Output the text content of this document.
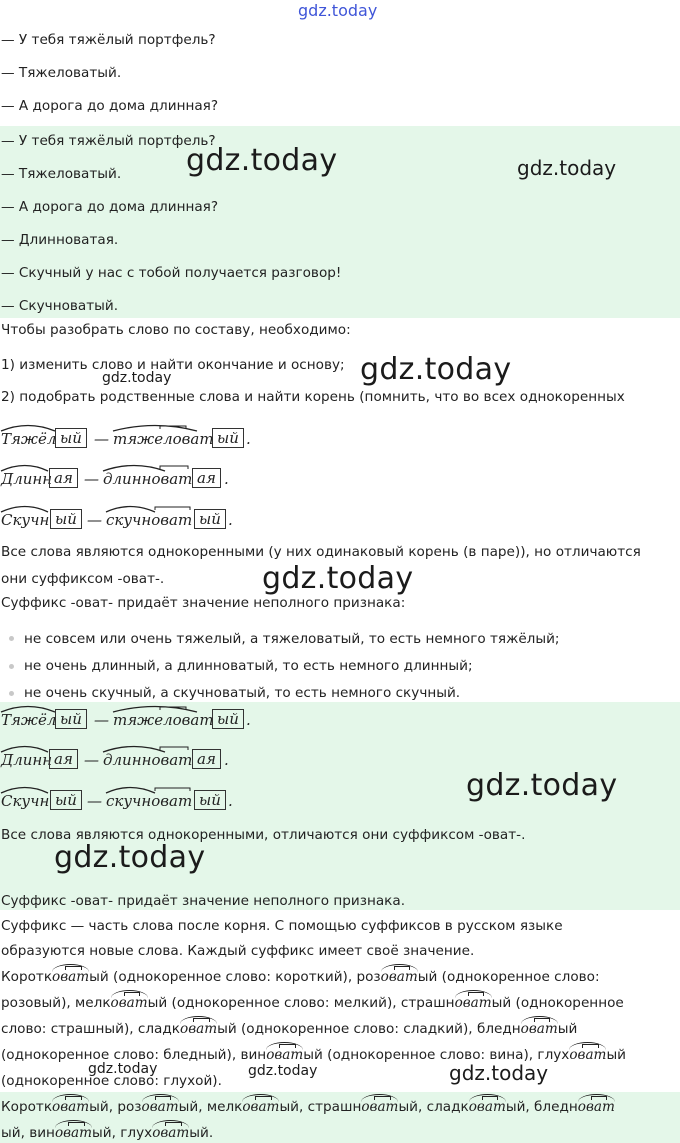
gdz.today
— У тебя тяжёлый портфель?
— Тяжеловатый.
— А дорога до дома длинная?
— У тебя тяжёлый портфель?
— Тяжеловатый.
— А дорога до дома длинная?
— Длинноватая.
— Скучный у нас с тобой получается разговор!
— Скучноватый.
gdz.today	gdz.today
Чтобы разобрать слово по составу, необходимо:
1) изменить слово и найти окончание и основу;
2) подобрать родственные слова и найти корень (помнить, что во всех однокоренных
gdz.today
gdz.today
Тяжёл ый — тяжеловат ый .
Длинн ая — длинноват ая .
Скучн ый — скучноват ый .
Все слова являются однокоренными (у них одинаковый корень (в паре)), но отличаются
они суффиксом -оват-.	gdz.today
Суффикс -оват- придаёт значение неполного признака:
не совсем или очень тяжелый, а тяжеловатый, то есть немного тяжёлый;
не очень длинный, а длинноватый, то есть немного длинный;
не очень скучный, а скучноватый, то есть немного скучный.
Тяжёл ый — тяжеловат ый .
Длинн ая — длинноват ая .
Скучн ый — скучноват ый .	gdz.today
Все слова являются однокоренными, отличаются они суффиксом -оват-.
gdz.today
Суффикс -оват- придаёт значение неполного признака.
Суффикс — часть слова после корня. С помощью суффиксов в русском языке
образуются новые слова. Каждый суффикс имеет своё значение.
Коротковатый (однокоренное слово: короткий), розоватый (однокоренное слово:
розовый), мелковатый (однокоренное слово: мелкий), страшноватый (однокоренное
слово: страшный), сладковатый (однокоренное слово: сладкий), бледноватый
(однокоренное слово: бледный), виноватый (однокоренное слово: вина), глуховатый
(однокоренное слово: глухой).
gdz.today	gdz.today	gdz.today
Коротковатый, розоватый, мелковатый, страшноватый, сладковатый, бледноват
ый, виноватый, глуховатый.
